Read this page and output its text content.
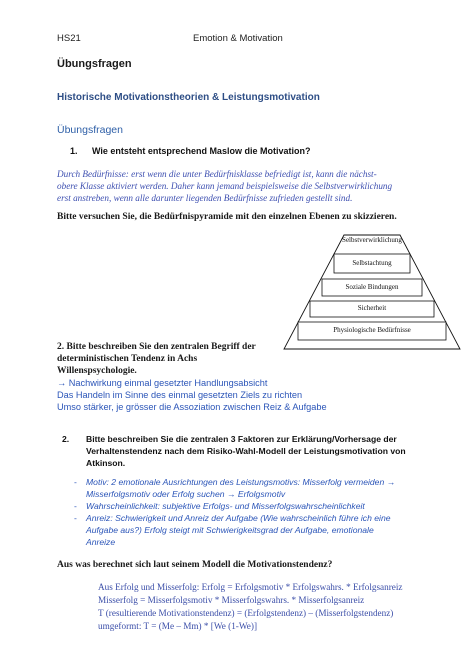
HS21	Emotion & Motivation
Übungsfragen
Historische Motivationstheorien & Leistungsmotivation
Übungsfragen
1. Wie entsteht entsprechend Maslow die Motivation?
Durch Bedürfnisse: erst wenn die unter Bedürfnisklasse befriedigt ist, kann die nächst-
obere Klasse aktiviert werden. Daher kann jemand beispielsweise die Selbstverwirklichung
erst anstreben, wenn alle darunter liegenden Bedürfnisse zufrieden gestellt sind.
Bitte versuchen Sie, die Bedürfnispyramide mit den einzelnen Ebenen zu skizzieren.
Selbstverwirklichung
Selbstachtung
Soziale Bindungen
Sicherheit
Physiologische Bedürfnisse
2. Bitte beschreiben Sie den zentralen Begriff der
deterministischen Tendenz in Achs
Willenspsychologie.
→ Nachwirkung einmal gesetzter Handlungsabsicht
Das Handeln im Sinne des einmal gesetzten Ziels zu richten
Umso stärker, je grösser die Assoziation zwischen Reiz & Aufgabe
2. Bitte beschreiben Sie die zentralen 3 Faktoren zur Erklärung/Vorhersage der
Verhaltenstendenz nach dem Risiko-Wahl-Modell der Leistungsmotivation von
Atkinson.
- Motiv: 2 emotionale Ausrichtungen des Leistungsmotivs: Misserfolg vermeiden →
Misserfolgsmotiv oder Erfolg suchen → Erfolgsmotiv
- Wahrscheinlichkeit: subjektive Erfolgs- und Misserfolgswahrscheinlichkeit
- Anreiz: Schwierigkeit und Anreiz der Aufgabe (Wie wahrscheinlich führe ich eine
Aufgabe aus?) Erfolg steigt mit Schwierigkeitsgrad der Aufgabe, emotionale
Anreize
Aus was berechnet sich laut seinem Modell die Motivationstendenz?
Aus Erfolg und Misserfolg: Erfolg = Erfolgsmotiv * Erfolgswahrs. * Erfolgsanreiz
Misserfolg = Misserfolgsmotiv * Misserfolgswahrs. * Misserfolgsanreiz
T (resultierende Motivationstendenz) = (Erfolgstendenz) – (Misserfolgstendenz)
umgeformt: T = (Me – Mm) * [We (1-We)]
